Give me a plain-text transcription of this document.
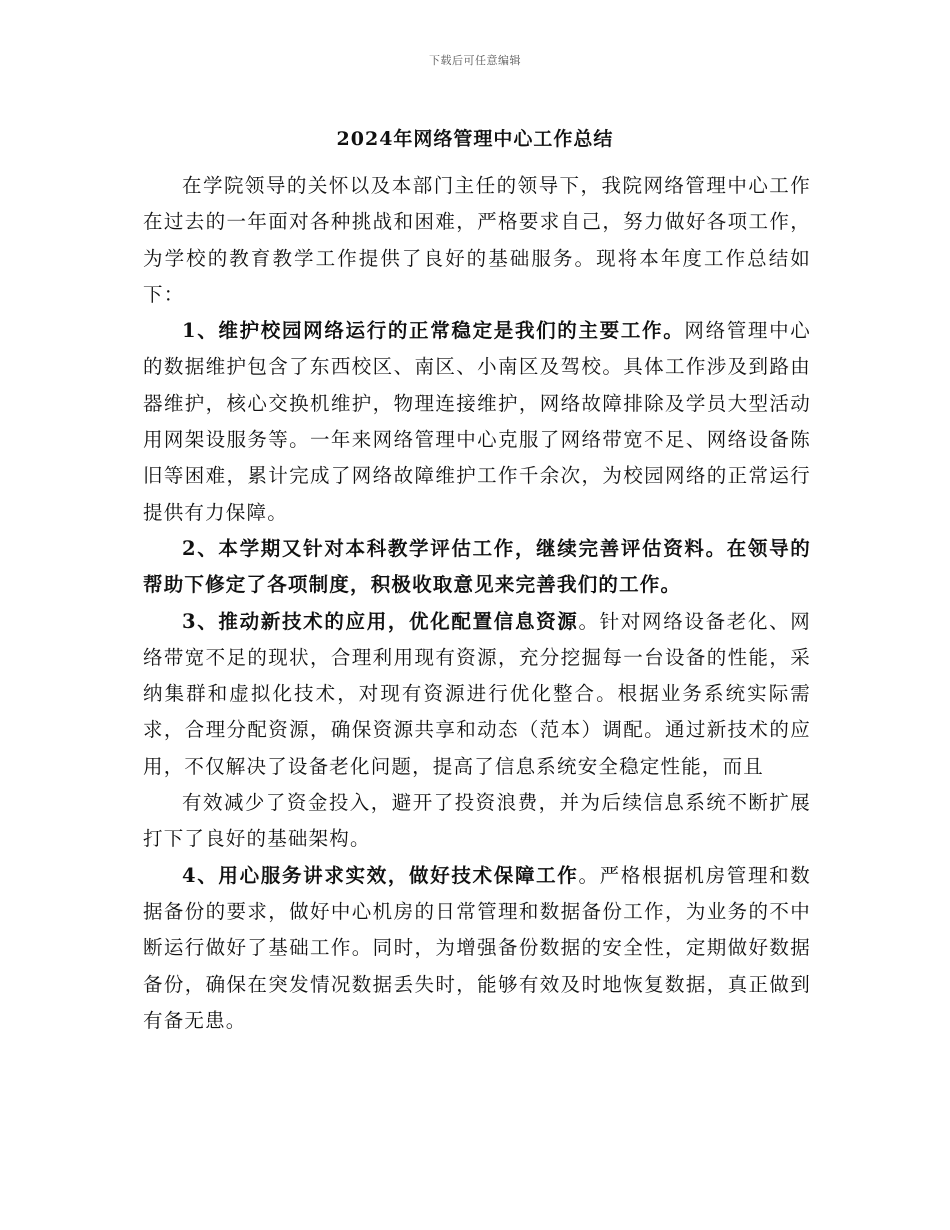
下载后可任意编辑
2024年网络管理中心工作总结

在学院领导的关怀以及本部门主任的领导下，我院网络管理中心工作在过去的一年面对各种挑战和困难，严格要求自己，努力做好各项工作，为学校的教育教学工作提供了良好的基础服务。现将本年度工作总结如下：

1、维护校园网络运行的正常稳定是我们的主要工作。网络管理中心的数据维护包含了东西校区、南区、小南区及驾校。具体工作涉及到路由器维护，核心交换机维护，物理连接维护，网络故障排除及学员大型活动用网架设服务等。一年来网络管理中心克服了网络带宽不足、网络设备陈旧等困难，累计完成了网络故障维护工作千余次，为校园网络的正常运行提供有力保障。

2、本学期又针对本科教学评估工作，继续完善评估资料。在领导的帮助下修定了各项制度，积极收取意见来完善我们的工作。

3、推动新技术的应用，优化配置信息资源。针对网络设备老化、网络带宽不足的现状，合理利用现有资源，充分挖掘每一台设备的性能，采纳集群和虚拟化技术，对现有资源进行优化整合。根据业务系统实际需求，合理分配资源，确保资源共享和动态（范本）调配。通过新技术的应用，不仅解决了设备老化问题，提高了信息系统安全稳定性能，而且

有效减少了资金投入，避开了投资浪费，并为后续信息系统不断扩展打下了良好的基础架构。

4、用心服务讲求实效，做好技术保障工作。严格根据机房管理和数据备份的要求，做好中心机房的日常管理和数据备份工作，为业务的不中断运行做好了基础工作。同时，为增强备份数据的安全性，定期做好数据备份，确保在突发情况数据丢失时，能够有效及时地恢复数据，真正做到有备无患。
